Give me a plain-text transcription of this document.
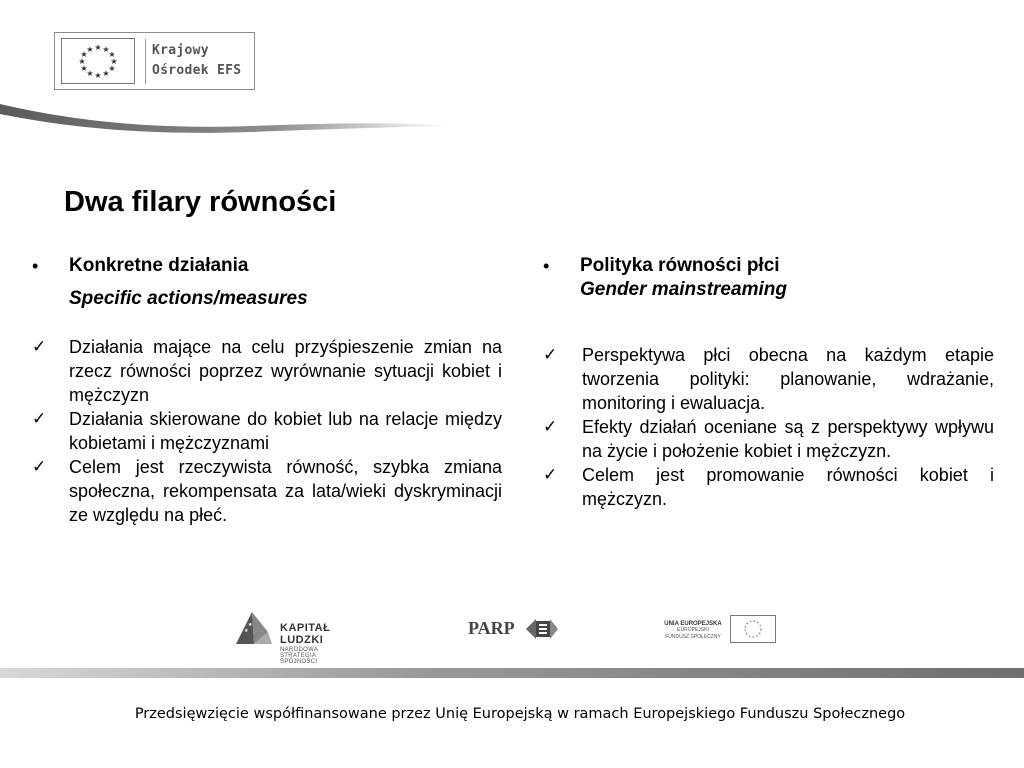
★ ★
★
★
★
★
★
★
★
★
★
★	Krajowy
Ośrodek EFS
Dwa filary równości
• Konkretne działania
Specific actions/measures
✓ Działania mające na celu przyśpieszenie zmian na rzecz równości poprzez wyrównanie sytuacji kobiet i mężczyzn
✓ Działania skierowane do kobiet lub na relacje między kobietami i mężczyznami
✓ Celem jest rzeczywista równość, szybka zmiana społeczna, rekompensata za lata/wieki dyskryminacji ze względu na płeć.
• Polityka równości płci
Gender mainstreaming
✓ Perspektywa płci obecna na każdym etapie tworzenia polityki: planowanie, wdrażanie, monitoring i ewaluacja.
✓ Efekty działań oceniane są z perspektywy wpływu na życie i położenie kobiet i mężczyzn.
✓ Celem jest promowanie równości kobiet i mężczyzn.
★
★	KAPITAŁ LUDZKI
NARODOWA STRATEGIA SPÓJNOŚCI
PARP	UNIA EUROPEJSKA
EUROPEJSKI
FUNDUSZ SPOŁECZNY
Przedsięwzięcie współfinansowane przez Unię Europejską w ramach Europejskiego Funduszu Społecznego
